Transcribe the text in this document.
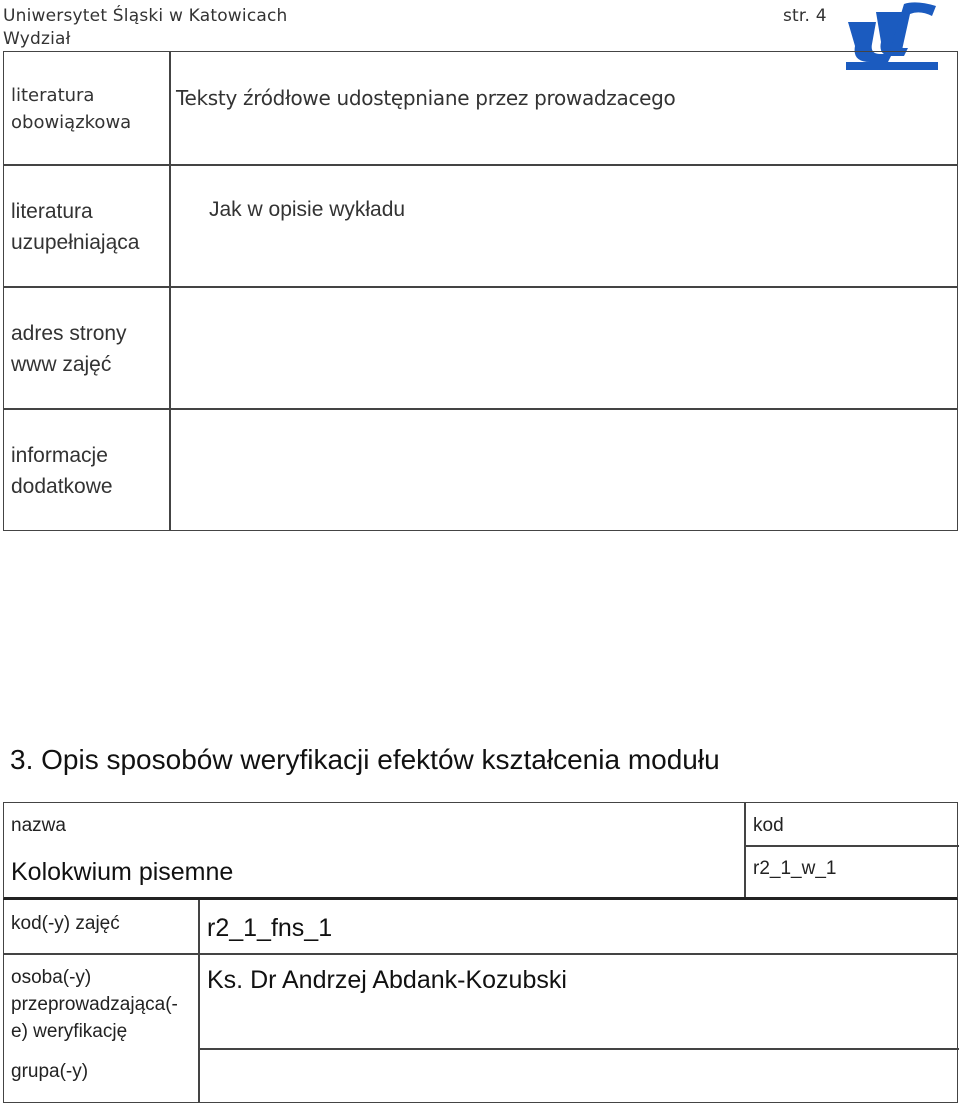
Uniwersytet Śląski w Katowicach
Wydział
str. 4
literatura
obowiązkowa
Teksty źródłowe udostępniane przez prowadzacego
literatura
uzupełniająca
Jak w opisie wykładu
adres strony
www zajęć
informacje
dodatkowe
3. Opis sposobów weryfikacji efektów kształcenia modułu
nazwa
Kolokwium pisemne
kod
r2_1_w_1
kod(-y) zajęć	r2_1_fns_1
osoba(-y)
przeprowadzająca(-
e) weryfikację
Ks. Dr Andrzej Abdank-Kozubski
grupa(-y)
